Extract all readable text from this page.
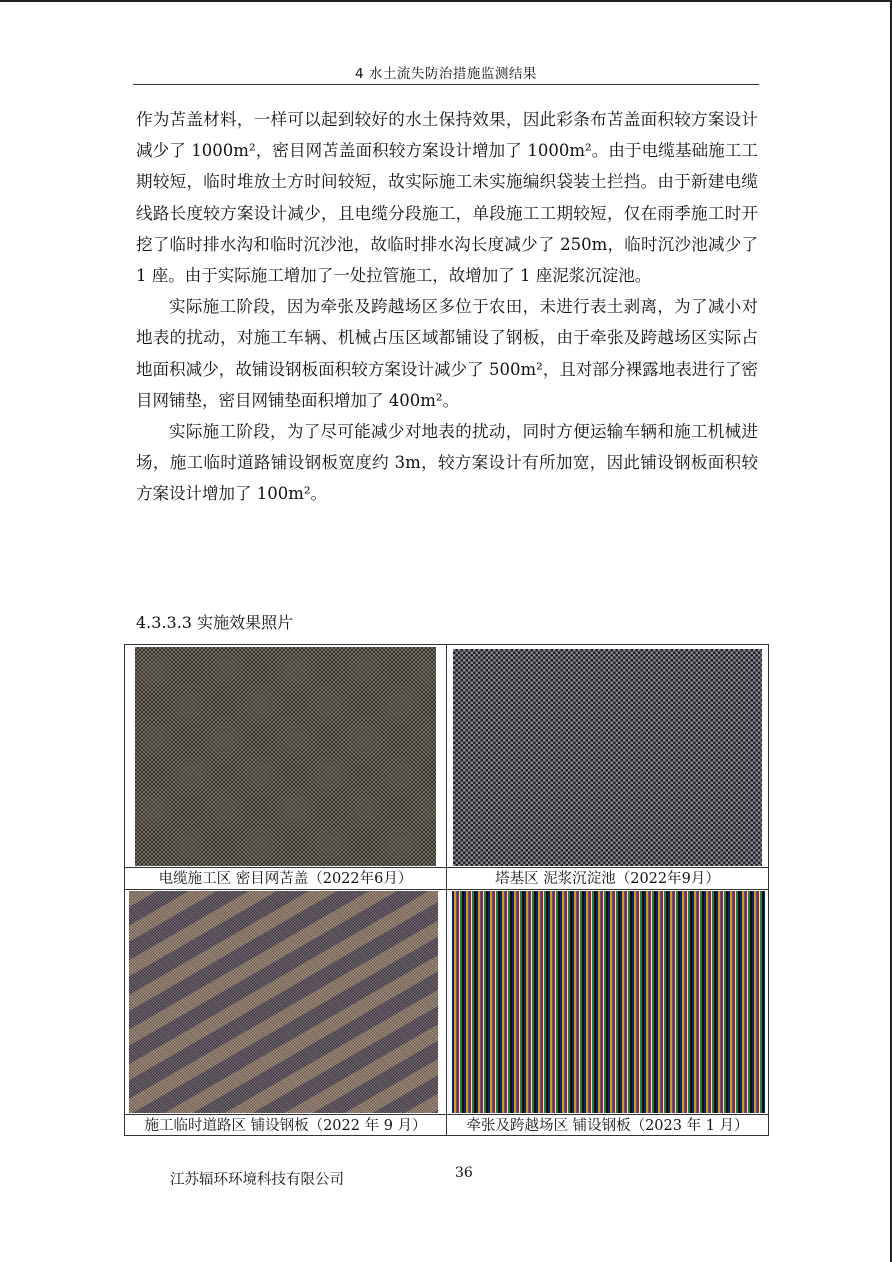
4 水土流失防治措施监测结果

作为苫盖材料，一样可以起到较好的水土保持效果，因此彩条布苫盖面积较方案设计减少了 1000m²，密目网苫盖面积较方案设计增加了 1000m²。由于电缆基础施工工期较短，临时堆放土方时间较短，故实际施工未实施编织袋装土拦挡。由于新建电缆线路长度较方案设计减少，且电缆分段施工，单段施工工期较短，仅在雨季施工时开挖了临时排水沟和临时沉沙池，故临时排水沟长度减少了 250m，临时沉沙池减少了 1 座。由于实际施工增加了一处拉管施工，故增加了 1 座泥浆沉淀池。

实际施工阶段，因为牵张及跨越场区多位于农田，未进行表土剥离，为了减小对地表的扰动，对施工车辆、机械占压区域都铺设了钢板，由于牵张及跨越场区实际占地面积减少，故铺设钢板面积较方案设计减少了 500m²，且对部分裸露地表进行了密目网铺垫，密目网铺垫面积增加了 400m²。

实际施工阶段，为了尽可能减少对地表的扰动，同时方便运输车辆和施工机械进场，施工临时道路铺设钢板宽度约 3m，较方案设计有所加宽，因此铺设钢板面积较方案设计增加了 100m²。

4.3.3.3 实施效果照片
电缆施工区 密目网苫盖（2022年6月）	塔基区 泥浆沉淀池（2022年9月）
施工临时道路区 铺设钢板（2022 年 9 月）	牵张及跨越场区 铺设钢板（2023 年 1 月）
江苏辐环环境科技有限公司	36
